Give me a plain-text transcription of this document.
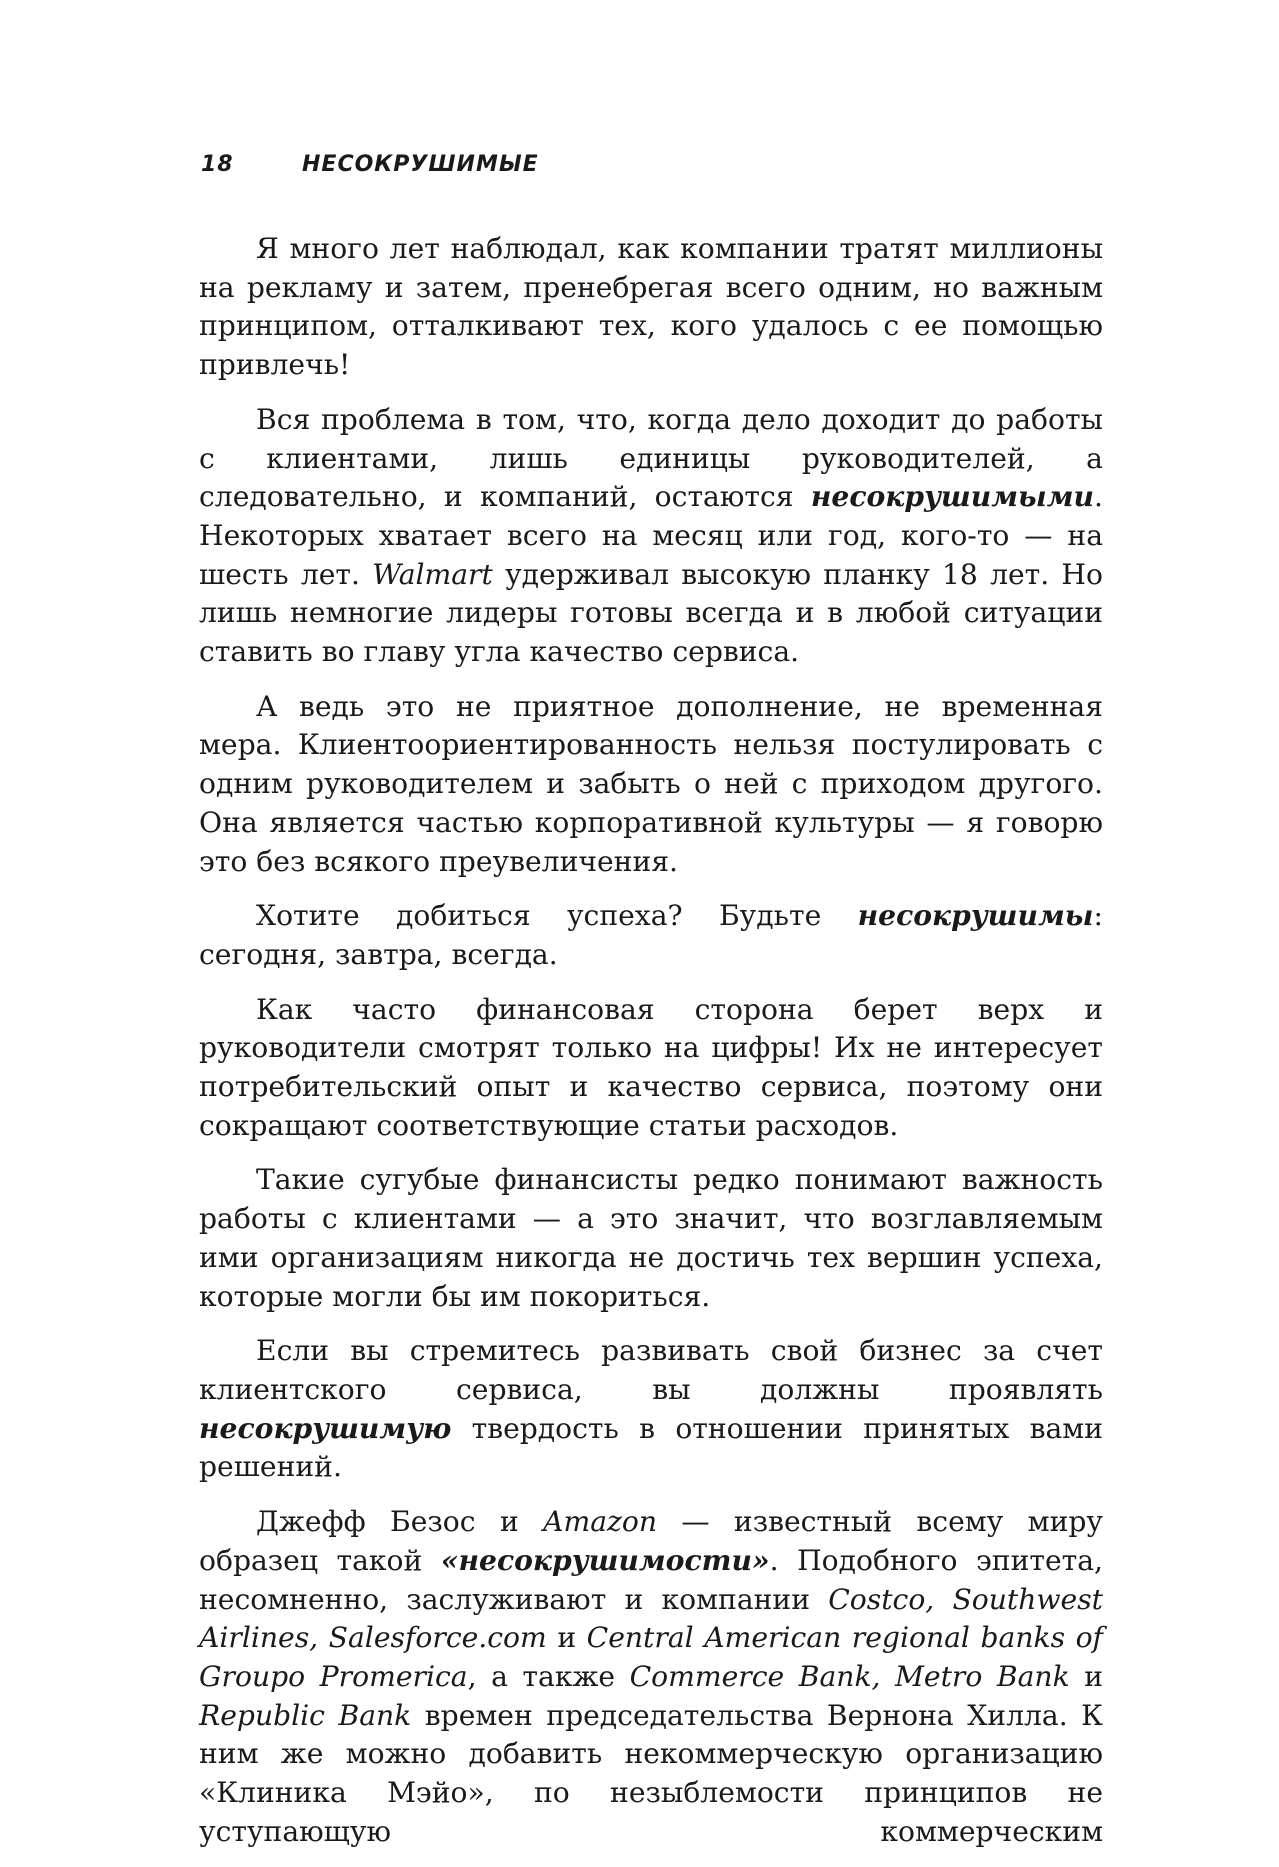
18	НЕСОКРУШИМЫЕ

Я много лет наблюдал, как компании тратят миллионы на рекламу и затем, пренебрегая всего одним, но важным принципом, отталкивают тех, кого удалось с ее помощью привлечь!

Вся проблема в том, что, когда дело доходит до работы с клиентами, лишь единицы руководителей, а следовательно, и компаний, остаются несокрушимыми. Некоторых хватает всего на месяц или год, кого-то — на шесть лет. Walmart удерживал высокую планку 18 лет. Но лишь немногие лидеры готовы всегда и в любой ситуации ставить во главу угла качество сервиса.

А ведь это не приятное дополнение, не временная мера. Клиентоориентированность нельзя постулировать с одним руководителем и забыть о ней с приходом другого. Она является частью корпоративной культуры — я говорю это без всякого преувеличения.

Хотите добиться успеха? Будьте несокрушимы: сегодня, завтра, всегда.

Как часто финансовая сторона берет верх и руководители смотрят только на цифры! Их не интересует потребительский опыт и качество сервиса, поэтому они сокращают соответствующие статьи расходов.

Такие сугубые финансисты редко понимают важность работы с клиентами — а это значит, что возглавляемым ими организациям никогда не достичь тех вершин успеха, которые могли бы им покориться.

Если вы стремитесь развивать свой бизнес за счет клиентского сервиса, вы должны проявлять несокрушимую твердость в отношении принятых вами решений.

Джефф Безос и Amazon — известный всему миру образец такой «несокрушимости». Подобного эпитета, несомненно, заслуживают и компании Costco, Southwest Airlines, Salesforce.com и Central American regional banks of Groupo Promerica, а также Commerce Bank, Metro Bank и Republic Bank времен председательства Вернона Хилла. К ним же можно добавить некоммерческую организацию «Клиника Мэйо», по незыблемости принципов не уступающую коммерческим
